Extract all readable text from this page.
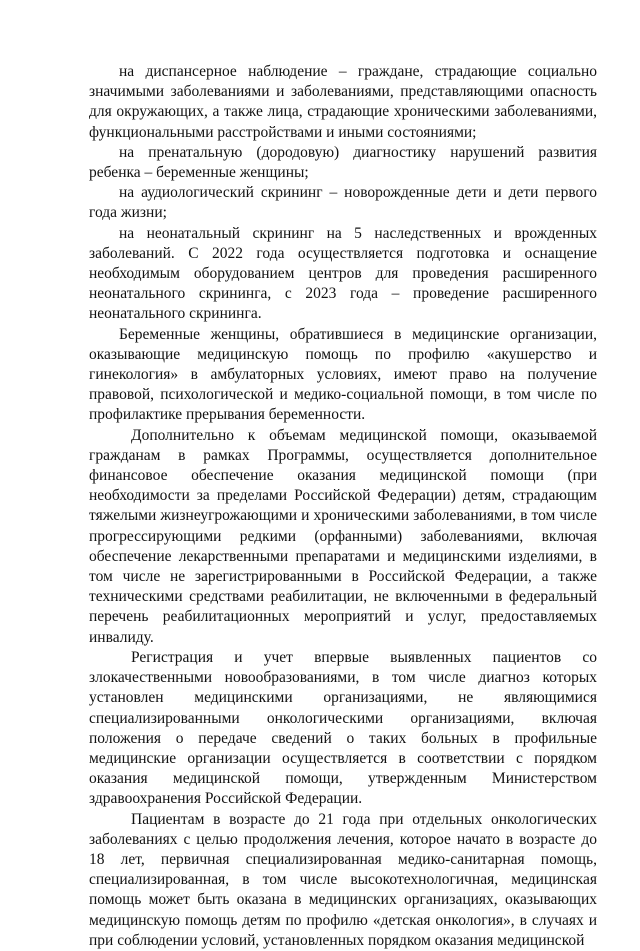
на диспансерное наблюдение – граждане, страдающие социально значимыми заболеваниями и заболеваниями, представляющими опасность для окружающих, а также лица, страдающие хроническими заболеваниями, функциональными расстройствами и иными состояниями;

на пренатальную (дородовую) диагностику нарушений развития ребенка – беременные женщины;

на аудиологический скрининг – новорожденные дети и дети первого года жизни;

на неонатальный скрининг на 5 наследственных и врожденных заболеваний. С 2022 года осуществляется подготовка и оснащение необходимым оборудованием центров для проведения расширенного неонатального скрининга, с 2023 года – проведение расширенного неонатального скрининга.

Беременные женщины, обратившиеся в медицинские организации, оказывающие медицинскую помощь по профилю «акушерство и гинекология» в амбулаторных условиях, имеют право на получение правовой, психологической и медико-социальной помощи, в том числе по профилактике прерывания беременности.

Дополнительно к объемам медицинской помощи, оказываемой гражданам в рамках Программы, осуществляется дополнительное финансовое обеспечение оказания медицинской помощи (при необходимости за пределами Российской Федерации) детям, страдающим тяжелыми жизнеугрожающими и хроническими заболеваниями, в том числе прогрессирующими редкими (орфанными) заболеваниями, включая обеспечение лекарственными препаратами и медицинскими изделиями, в том числе не зарегистрированными в Российской Федерации, а также техническими средствами реабилитации, не включенными в федеральный перечень реабилитационных мероприятий и услуг, предоставляемых инвалиду.

Регистрация и учет впервые выявленных пациентов со злокачественными новообразованиями, в том числе диагноз которых установлен медицинскими организациями, не являющимися специализированными онкологическими организациями, включая положения о передаче сведений о таких больных в профильные медицинские организации осуществляется в соответствии с порядком оказания медицинской помощи, утвержденным Министерством здравоохранения Российской Федерации.

Пациентам в возрасте до 21 года при отдельных онкологических заболеваниях с целью продолжения лечения, которое начато в возрасте до 18 лет, первичная специализированная медико-санитарная помощь, специализированная, в том числе высокотехнологичная, медицинская помощь может быть оказана в медицинских организациях, оказывающих медицинскую помощь детям по профилю «детская онкология», в случаях и при соблюдении условий, установленных порядком оказания медицинской
